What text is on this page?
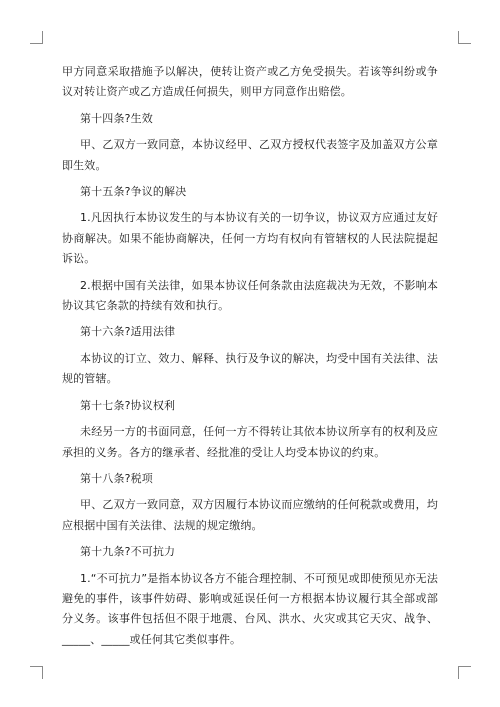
甲方同意采取措施予以解决，使转让资产或乙方免受损失。若该等纠纷或争议对转让资产或乙方造成任何损失，则甲方同意作出赔偿。

第十四条?生效

甲、乙双方一致同意，本协议经甲、乙双方授权代表签字及加盖双方公章即生效。

第十五条?争议的解决

1.凡因执行本协议发生的与本协议有关的一切争议，协议双方应通过友好协商解决。如果不能协商解决，任何一方均有权向有管辖权的人民法院提起诉讼。

2.根据中国有关法律，如果本协议任何条款由法庭裁决为无效，不影响本协议其它条款的持续有效和执行。

第十六条?适用法律

本协议的订立、效力、解释、执行及争议的解决，均受中国有关法律、法规的管辖。

第十七条?协议权利

未经另一方的书面同意，任何一方不得转让其依本协议所享有的权利及应承担的义务。各方的继承者、经批准的受让人均受本协议的约束。

第十八条?税项

甲、乙双方一致同意，双方因履行本协议而应缴纳的任何税款或费用，均应根据中国有关法律、法规的规定缴纳。

第十九条?不可抗力

1.“不可抗力”是指本协议各方不能合理控制、不可预见或即使预见亦无法避免的事件，该事件妨碍、影响或延误任何一方根据本协议履行其全部或部分义务。该事件包括但不限于地震、台风、洪水、火灾或其它天灾、战争、_____、_____或任何其它类似事件。
